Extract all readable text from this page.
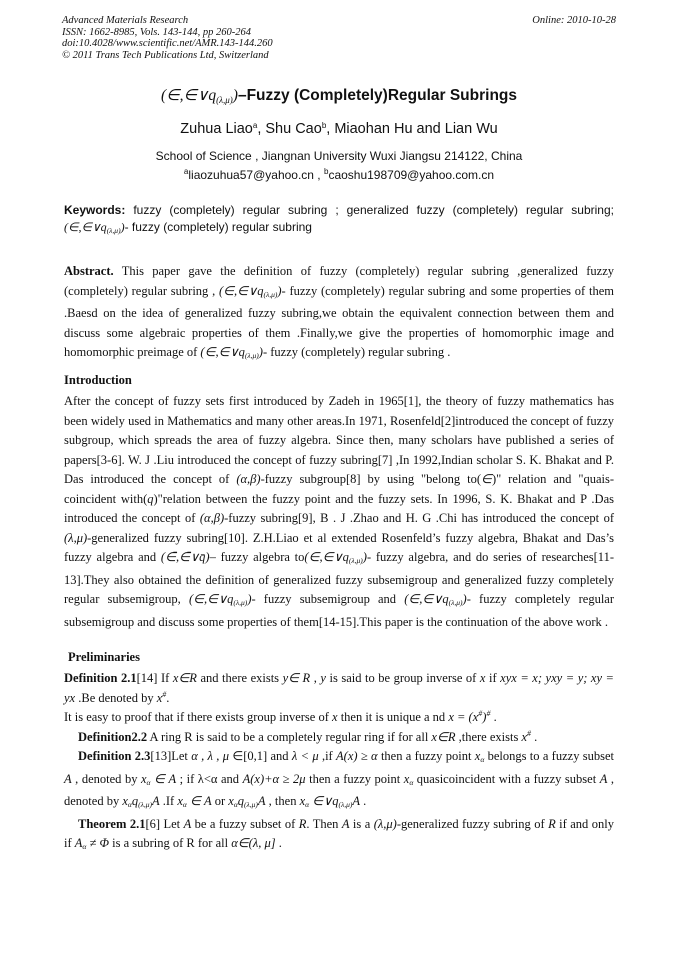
Advanced Materials Research
ISSN: 1662-8985, Vols. 143-144, pp 260-264
doi:10.4028/www.scientific.net/AMR.143-144.260
© 2011 Trans Tech Publications Ltd, Switzerland
Online: 2010-10-28
$(\in,\in\vee q_{(\lambda,\mu)})$–Fuzzy (Completely)Regular Subrings
Zuhua Liao$^a$, Shu Cao$^b$, Miaohan Hu and Lian Wu
School of Science , Jiangnan University Wuxi Jiangsu 214122, China
$^a$liaozuhua57@yahoo.cn , $^b$caoshu198709@yahoo.com.cn
Keywords: fuzzy (completely) regular subring ; generalized fuzzy (completely) regular subring; (∈,∈∨q(λ,μ))- fuzzy (completely) regular subring
Abstract. This paper gave the definition of fuzzy (completely) regular subring ,generalized fuzzy (completely) regular subring , (∈,∈∨q(λ,μ))- fuzzy (completely) regular subring and some properties of them .Baesd on the idea of generalized fuzzy subring,we obtain the equivalent connection between them and discuss some algebraic properties of them .Finally,we give the properties of homomorphic image and homomorphic preimage of (∈,∈∨q(λ,μ))- fuzzy (completely) regular subring .
Introduction
After the concept of fuzzy sets first introduced by Zadeh in 1965[1], the theory of fuzzy mathematics has been widely used in Mathematics and many other areas.In 1971, Rosenfeld[2]introduced the concept of fuzzy subgroup, which spreads the area of fuzzy algebra. Since then, many scholars have published a series of papers[3-6]. W. J .Liu introduced the concept of fuzzy subring[7] ,In 1992,Indian scholar S. K. Bhakat and P. Das introduced the concept of (α,β)-fuzzy subgroup[8] by using "belong to(∈)" relation and "quais-coincident with(q)"relation between the fuzzy point and the fuzzy sets. In 1996, S. K. Bhakat and P .Das introduced the concept of (α,β)-fuzzy subring[9], B . J .Zhao and H. G .Chi has introduced the concept of (λ,μ)-generalized fuzzy subring[10]. Z.H.Liao et al extended Rosenfeld’s fuzzy algebra, Bhakat and Das’s fuzzy algebra and (∈̄,∈̄∨q̄)– fuzzy algebra to(∈,∈∨q(λ,μ))- fuzzy algebra, and do series of researches[11-13].They also obtained the definition of generalized fuzzy subsemigroup and generalized fuzzy completely regular subsemigroup, (∈,∈∨q(λ,μ))- fuzzy subsemigroup and (∈,∈∨q(λ,μ))- fuzzy completely regular subsemigroup and discuss some properties of them[14-15].This paper is the continuation of the above work .
Preliminaries

Definition 2.1[14] If x∈R and there exists y∈ R , y is said to be group inverse of x if xyx = x; yxy = y; xy = yx .Be denoted by x#.

It is easy to proof that if there exists group inverse of x then it is unique a nd x = (x#)# .

Definition2.2 A ring R is said to be a completely regular ring if for all x∈R ,there exists x# .

Definition 2.3[13]Let α , λ , μ ∈[0,1] and λ < μ ,if A(x) ≥ α then a fuzzy point xα belongs to a fuzzy subset A , denoted by xα ∈ A ; if λ<α and A(x)+α ≥ 2μ then a fuzzy point xα quasicoincident with a fuzzy subset A , denoted by xαq(λ,μ)A .If xα ∈ A or xαq(λ,μ)A , then xα ∈∨q(λ,μ)A .

Theorem 2.1[6] Let A be a fuzzy subset of R. Then A is a (λ,μ)-generalized fuzzy subring of R if and only if Aα ≠ Φ is a subring of R for all α∈(λ, μ] .
